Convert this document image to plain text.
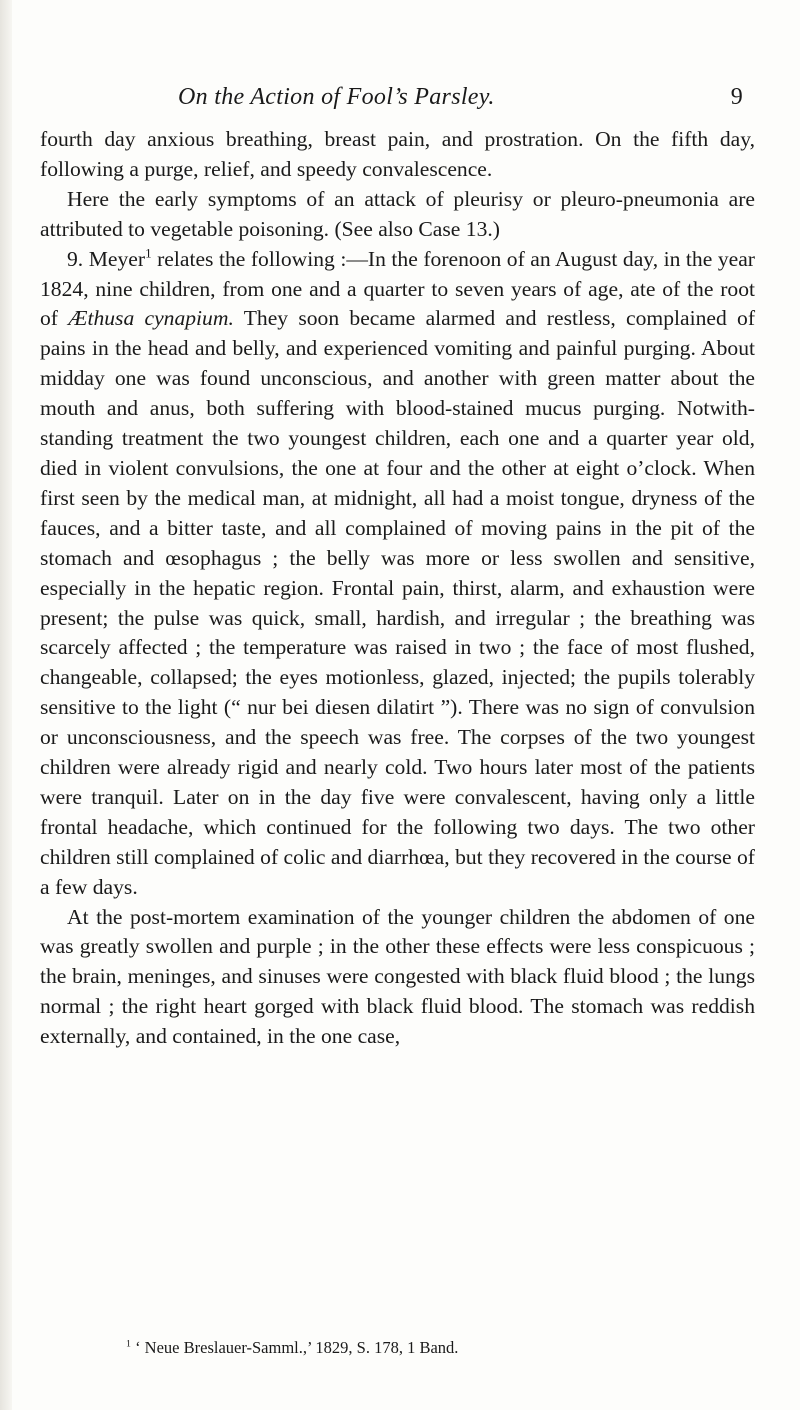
On the Action of Fool’s Parsley.	9

fourth day anxious breathing, breast pain, and prostration. On the fifth day, following a purge, relief, and speedy convalescence.

Here the early symptoms of an attack of pleurisy or pleuro-pneumonia are attributed to vegetable poisoning. (See also Case 13.)

9. Meyer$^1$ relates the following :—In the forenoon of an August day, in the year 1824, nine children, from one and a quarter to seven years of age, ate of the root of Æthusa cynapium. They soon became alarmed and restless, complained of pains in the head and belly, and experienced vomiting and painful purging. About midday one was found unconscious, and another with green matter about the mouth and anus, both suffering with blood-stained mucus purging. Notwith-standing treatment the two youngest children, each one and a quarter year old, died in violent convulsions, the one at four and the other at eight o’clock. When first seen by the medical man, at midnight, all had a moist tongue, dryness of the fauces, and a bitter taste, and all complained of moving pains in the pit of the stomach and œsophagus ; the belly was more or less swollen and sensitive, especially in the hepatic region. Frontal pain, thirst, alarm, and exhaustion were present; the pulse was quick, small, hardish, and irregular ; the breathing was scarcely affected ; the temperature was raised in two ; the face of most flushed, changeable, collapsed; the eyes motionless, glazed, injected; the pupils tolerably sensitive to the light (“ nur bei diesen dilatirt ”). There was no sign of convulsion or unconsciousness, and the speech was free. The corpses of the two youngest children were already rigid and nearly cold. Two hours later most of the patients were tranquil. Later on in the day five were convalescent, having only a little frontal headache, which continued for the following two days. The two other children still complained of colic and diarrhœa, but they recovered in the course of a few days.

At the post-mortem examination of the younger children the abdomen of one was greatly swollen and purple ; in the other these effects were less conspicuous ; the brain, meninges, and sinuses were congested with black fluid blood ; the lungs normal ; the right heart gorged with black fluid blood. The stomach was reddish externally, and contained, in the one case,

$^1$ ‘ Neue Breslauer-Samml.,’ 1829, S. 178, 1 Band.
